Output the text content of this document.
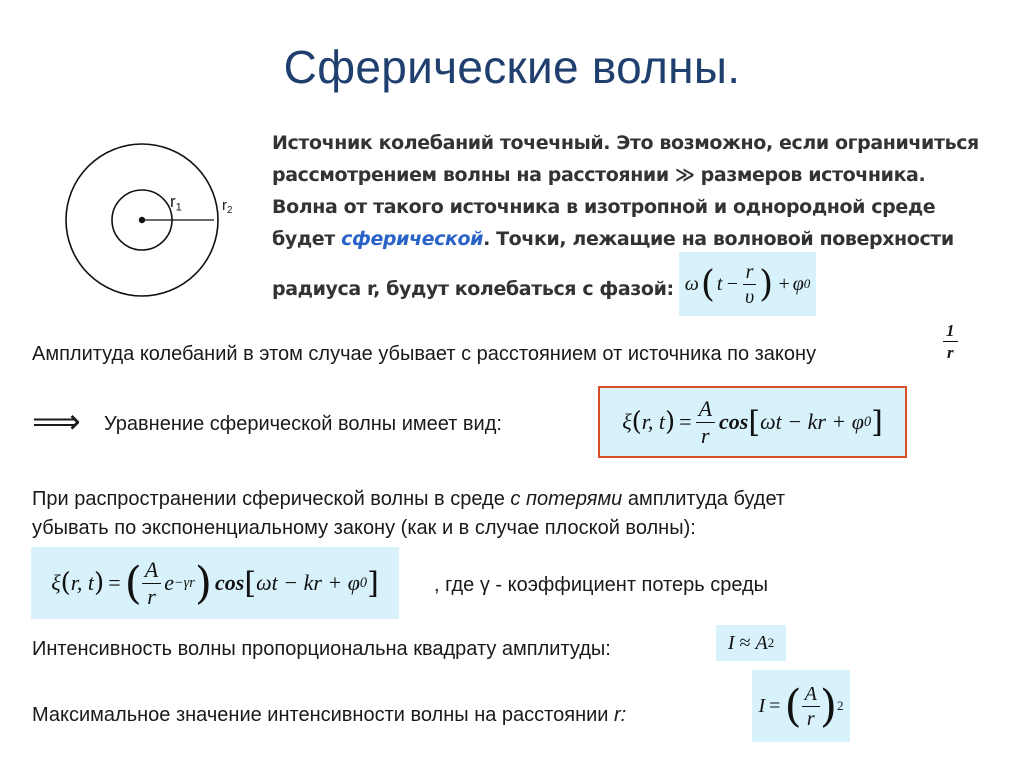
Сферические волны.
$r_1$	$r_2$
Источник колебаний точечный. Это возможно, если ограничиться
рассмотрением волны на расстоянии ≫ размеров источника.
Волна от такого источника в изотропной и однородной среде
будет сферической. Точки, лежащие на волновой поверхности
радиуса r, будут колебаться с фазой: ω ( $t - \frac{r}{\upsilon}$ ) + φ 0
Амплитуда колебаний в этом случае убывает с расстоянием от источника по закону	$\frac{1}{r}$
⟹ Уравнение сферической волны имеет вид:	ξ ( r, t ) = $\frac{A}{r}$ cos [ ωt − kr + φ 0 ]
При распространении сферической волны в среде с потерями амплитуда будет
убывать по экспоненциальному закону (как и в случае плоской волны):
ξ ( r, t ) = ( $\frac{A}{r}$ e −γr ) cos [ ωt − kr + φ 0 ]	, где γ - коэффициент потерь среды
Интенсивность волны пропорциональна квадрату амплитуды:	I ≈ A 2
Максимальное значение интенсивности волны на расстоянии r:	I = ( $\frac{A}{r}$ ) 2
